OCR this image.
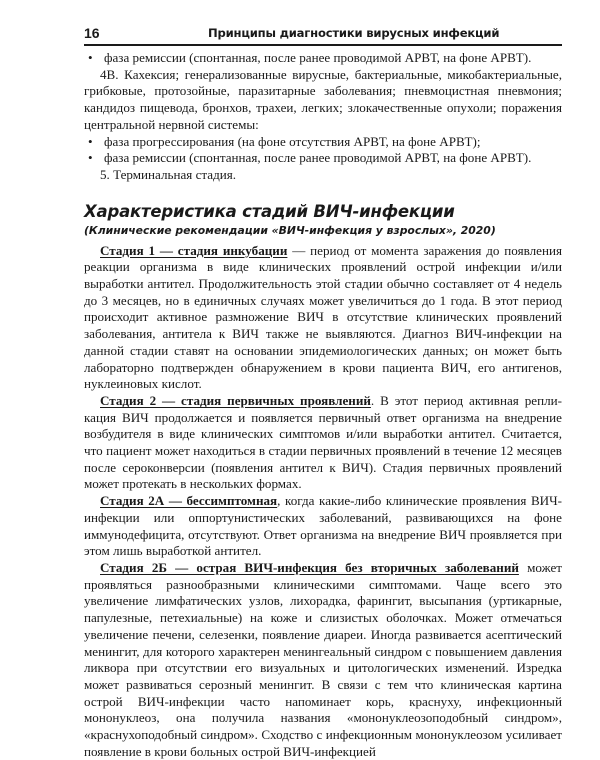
16	Принципы диагностики вирусных инфекций
• фаза ремиссии (спонтанная, после ранее проводимой АРВТ, на фоне АРВТ).

4В. Кахексия; генерализованные вирусные, бактериальные, микобактериальные, грибковые, протозойные, паразитарные заболевания; пневмоцистная пневмония; кандидоз пищевода, бронхов, трахеи, легких; злокачественные опухоли; поражения центральной нервной системы:

• фаза прогрессирования (на фоне отсутствия АРВТ, на фоне АРВТ);
• фаза ремиссии (спонтанная, после ранее проводимой АРВТ, на фоне АРВТ).

5. Терминальная стадия.

Характеристика стадий ВИЧ-инфекции
(Клинические рекомендации «ВИЧ-инфекция у взрослых», 2020)

Стадия 1 — стадия инкубации — период от момента заражения до появления реакции организма в виде клинических проявлений острой инфекции и/или выработки антител. Продолжительность этой стадии обычно составляет от 4 недель до 3 месяцев, но в единичных случаях может увеличиться до 1 года. В этот период происходит активное размножение ВИЧ в отсутствие клинических проявлений заболевания, антитела к ВИЧ также не выявляются. Диагноз ВИЧ-инфекции на данной стадии ставят на основании эпидемиологических данных; он может быть лабораторно подтвержден обнаружением в крови пациента ВИЧ, его антигенов, нуклеиновых кислот.

Стадия 2 — стадия первичных проявлений. В этот период активная репликация ВИЧ продолжается и появляется первичный ответ организма на внедрение возбудителя в виде клинических симптомов и/или выработки антител. Считается, что пациент может находиться в стадии первичных проявлений в течение 12 месяцев после сероконверсии (появления антител к ВИЧ). Стадия первичных проявлений может протекать в нескольких формах.

Стадия 2А — бессимптомная, когда какие-либо клинические проявления ВИЧ-инфекции или оппортунистических заболеваний, развивающихся на фоне иммунодефицита, отсутствуют. Ответ организма на внедрение ВИЧ проявляется при этом лишь выработкой антител.

Стадия 2Б — острая ВИЧ-инфекция без вторичных заболеваний может проявляться разнообразными клиническими симптомами. Чаще всего это увеличение лимфатических узлов, лихорадка, фарингит, высыпания (уртикарные, папулезные, петехиальные) на коже и слизистых оболочках. Может отмечаться увеличение печени, селезенки, появление диареи. Иногда развивается асептический менингит, для которого характерен менингеальный синдром с повышением давления ликвора при отсутствии его визуальных и цитологических изменений. Изредка может развиваться серозный менингит. В связи с тем что клиническая картина острой ВИЧ-инфекции часто напоминает корь, краснуху, инфекционный мононуклеоз, она получила названия «мононуклеозоподобный синдром», «краснухоподобный синдром». Сходство с инфекционным мононуклеозом усиливает появление в крови больных острой ВИЧ-инфекцией
